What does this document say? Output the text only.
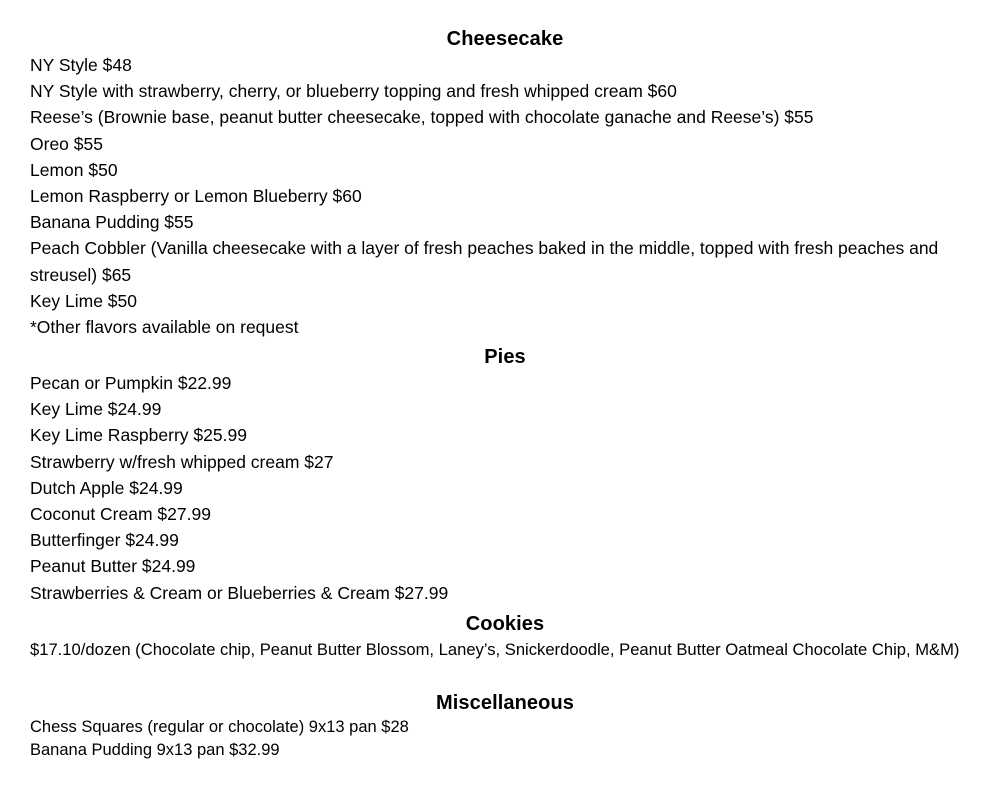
Cheesecake
NY Style $48
NY Style with strawberry, cherry, or blueberry topping and fresh whipped cream $60
Reese’s (Brownie base, peanut butter cheesecake, topped with chocolate ganache and Reese’s) $55
Oreo $55
Lemon $50
Lemon Raspberry or Lemon Blueberry $60
Banana Pudding $55
Peach Cobbler (Vanilla cheesecake with a layer of fresh peaches baked in the middle, topped with fresh peaches and streusel) $65
Key Lime $50
*Other flavors available on request
Pies
Pecan or Pumpkin $22.99
Key Lime $24.99
Key Lime Raspberry $25.99
Strawberry w/fresh whipped cream $27
Dutch Apple $24.99
Coconut Cream $27.99
Butterfinger $24.99
Peanut Butter $24.99
Strawberries & Cream or Blueberries & Cream $27.99
Cookies
$17.10/dozen (Chocolate chip, Peanut Butter Blossom, Laney’s, Snickerdoodle, Peanut Butter Oatmeal Chocolate Chip, M&M)
Miscellaneous
Chess Squares (regular or chocolate) 9x13 pan $28
Banana Pudding 9x13 pan $32.99
